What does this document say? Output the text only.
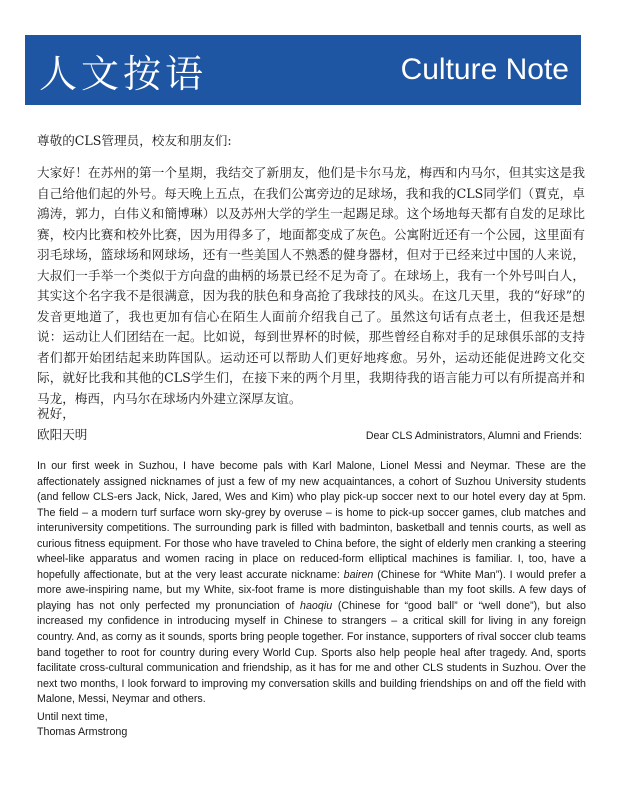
人文按语	Culture Note

尊敬的CLS管理员，校友和朋友们:

大家好！在苏州的第一个星期，我结交了新朋友，他们是卡尔马龙，梅西和内马尔，但其实这是我自己给他们起的外号。每天晚上五点，在我们公寓旁边的足球场，我和我的CLS同学们（賈克，卓鴻涛，郭力，白伟义和簡博琳）以及苏州大学的学生一起踢足球。这个场地每天都有自发的足球比赛，校内比赛和校外比赛，因为用得多了，地面都变成了灰色。公寓附近还有一个公园，这里面有羽毛球场，篮球场和网球场，还有一些美国人不熟悉的健身器材，但对于已经来过中国的人来说，大叔们一手举一个类似于方向盘的曲柄的场景已经不足为奇了。在球场上，我有一个外号叫白人，其实这个名字我不是很满意，因为我的肤色和身高抢了我球技的风头。在这几天里，我的“好球”的发音更地道了，我也更加有信心在陌生人面前介绍我自己了。虽然这句话有点老土，但我还是想说：运动让人们团结在一起。比如说，每到世界杯的时候，那些曾经自称对手的足球俱乐部的支持者们都开始团结起来助阵国队。运动还可以帮助人们更好地疼愈。另外，运动还能促进跨文化交际，就好比我和其他的CLS学生们，在接下来的两个月里，我期待我的语言能力可以有所提高并和马龙，梅西，内马尔在球场内外建立深厚友谊。

祝好，

欧阳天明	Dear CLS Administrators, Alumni and Friends:

In our first week in Suzhou, I have become pals with Karl Malone, Lionel Messi and Neymar. These are the affectionately assigned nicknames of just a few of my new acquaintances, a cohort of Suzhou University students (and fellow CLS-ers Jack, Nick, Jared, Wes and Kim) who play pick-up soccer next to our hotel every day at 5pm. The field – a modern turf surface worn sky-grey by overuse – is home to pick-up soccer games, club matches and interuniversity competitions. The surrounding park is filled with badminton, basketball and tennis courts, as well as curious fitness equipment. For those who have traveled to China before, the sight of elderly men cranking a steering wheel-like apparatus and women racing in place on reduced-form elliptical machines is familiar. I, too, have a hopefully affectionate, but at the very least accurate nickname: bairen (Chinese for “White Man”). I would prefer a more awe-inspiring name, but my White, six-foot frame is more distinguishable than my foot skills. A few days of playing has not only perfected my pronunciation of haoqiu (Chinese for “good ball” or “well done”), but also increased my confidence in introducing myself in Chinese to strangers – a critical skill for living in any foreign country. And, as corny as it sounds, sports bring people together. For instance, supporters of rival soccer club teams band together to root for country during every World Cup. Sports also help people heal after tragedy. And, sports facilitate cross-cultural communication and friendship, as it has for me and other CLS students in Suzhou. Over the next two months, I look forward to improving my conversation skills and building friendships on and off the field with Malone, Messi, Neymar and others.

Until next time,

Thomas Armstrong
